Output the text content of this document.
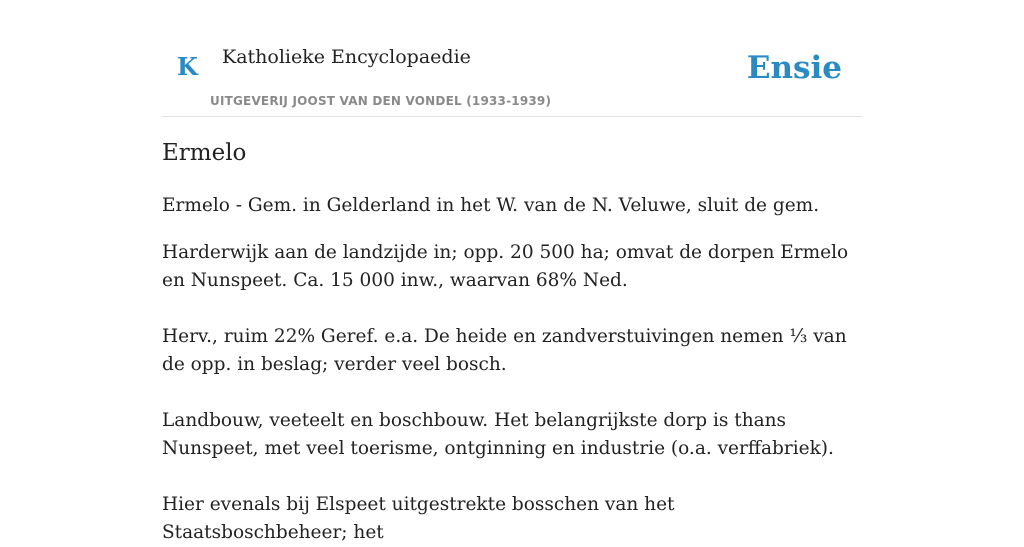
K Katholieke Encyclopaedie
UITGEVERIJ JOOST VAN DEN VONDEL (1933-1939)
Ensie
Ermelo

Ermelo - Gem. in Gelderland in het W. van de N. Veluwe, sluit de gem.

Harderwijk aan de landzijde in; opp. 20 500 ha; omvat de dorpen Ermelo en Nunspeet. Ca. 15 000 inw., waarvan 68% Ned.

Herv., ruim 22% Geref. e.a. De heide en zandverstuivingen nemen ⅓ van de opp. in beslag; verder veel bosch.

Landbouw, veeteelt en boschbouw. Het belangrijkste dorp is thans Nunspeet, met veel toerisme, ontginning en industrie (o.a. verffabriek).

Hier evenals bij Elspeet uitgestrekte bosschen van het Staatsboschbeheer; het
